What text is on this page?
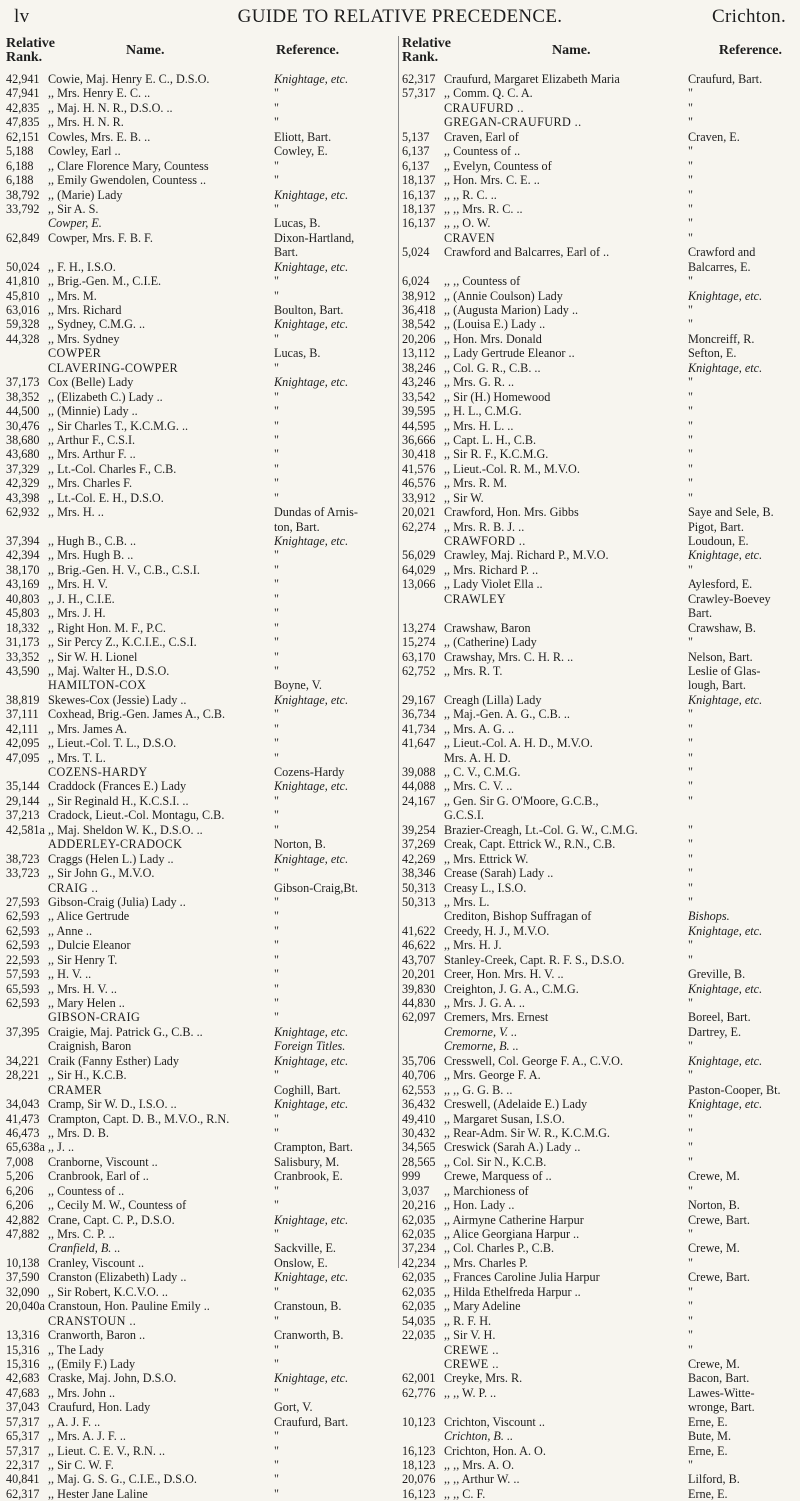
lv	GUIDE TO RELATIVE PRECEDENCE.	Crichton.
Relative Rank.	Name.	Reference.
42,941 Cowie, Maj. Henry E. C., D.S.O.	Knightage, etc.
47,941 ,, Mrs. Henry E. C. ..	"
42,835 ,, Maj. H. N. R., D.S.O. ..	"
47,835 ,, Mrs. H. N. R.	"
62,151 Cowles, Mrs. E. B. ..	Eliott, Bart.
5,188	Cowley, Earl ..	Cowley, E.
6,188	,, Clare Florence Mary, Countess	"
6,188	,, Emily Gwendolen, Countess ..	"
38,792 ,, (Marie) Lady	Knightage, etc.
33,792 ,, Sir A. S.	"
Cowper, E.	Lucas, B.
62,849 Cowper, Mrs. F. B. F.	Dixon-Hartland,
Bart.
50,024 ,, F. H., I.S.O.	Knightage, etc.
41,810 ,, Brig.-Gen. M., C.I.E.	"
45,810 ,, Mrs. M.	"
63,016 ,, Mrs. Richard	Boulton, Bart.
59,328 ,, Sydney, C.M.G. ..	Knightage, etc.
44,328 ,, Mrs. Sydney	"
COWPER	Lucas, B.
CLAVERING-COWPER	"
37,173 Cox (Belle) Lady	Knightage, etc.
38,352 ,, (Elizabeth C.) Lady ..	"
44,500 ,, (Minnie) Lady ..	"
30,476 ,, Sir Charles T., K.C.M.G. ..	"
38,680 ,, Arthur F., C.S.I.	"
43,680 ,, Mrs. Arthur F. ..	"
37,329 ,, Lt.-Col. Charles F., C.B.	"
42,329 ,, Mrs. Charles F.	"
43,398 ,, Lt.-Col. E. H., D.S.O.	"
62,932 ,, Mrs. H. ..	Dundas of Arnis-
ton, Bart.
37,394 ,, Hugh B., C.B. ..	Knightage, etc.
42,394 ,, Mrs. Hugh B. ..	"
38,170 ,, Brig.-Gen. H. V., C.B., C.S.I.	"
43,169 ,, Mrs. H. V.	"
40,803 ,, J. H., C.I.E.	"
45,803 ,, Mrs. J. H.	"
18,332 ,, Right Hon. M. F., P.C.	"
31,173 ,, Sir Percy Z., K.C.I.E., C.S.I.	"
33,352 ,, Sir W. H. Lionel	"
43,590 ,, Maj. Walter H., D.S.O.	"
HAMILTON-COX	Boyne, V.
38,819 Skewes-Cox (Jessie) Lady ..	Knightage, etc.
37,111 Coxhead, Brig.-Gen. James A., C.B.	"
42,111 ,, Mrs. James A.	"
42,095 ,, Lieut.-Col. T. L., D.S.O.	"
47,095 ,, Mrs. T. L.	"
COZENS-HARDY	Cozens-Hardy
35,144 Craddock (Frances E.) Lady	Knightage, etc.
29,144 ,, Sir Reginald H., K.C.S.I. ..	"
37,213 Cradock, Lieut.-Col. Montagu, C.B.	"
42,581a ,, Maj. Sheldon W. K., D.S.O. ..	"
ADDERLEY-CRADOCK	Norton, B.
38,723 Craggs (Helen L.) Lady ..	Knightage, etc.
33,723 ,, Sir John G., M.V.O.	"
CRAIG ..	Gibson-Craig,Bt.
27,593 Gibson-Craig (Julia) Lady ..	"
62,593 ,, Alice Gertrude	"
62,593 ,, Anne ..	"
62,593 ,, Dulcie Eleanor	"
22,593 ,, Sir Henry T.	"
57,593 ,, H. V. ..	"
65,593 ,, Mrs. H. V. ..	"
62,593 ,, Mary Helen ..	"
GIBSON-CRAIG	"
37,395 Craigie, Maj. Patrick G., C.B. ..	Knightage, etc.
Craignish, Baron	Foreign Titles.
34,221 Craik (Fanny Esther) Lady	Knightage, etc.
28,221 ,, Sir H., K.C.B.	"
CRAMER	Coghill, Bart.
34,043 Cramp, Sir W. D., I.S.O. ..	Knightage, etc.
41,473 Crampton, Capt. D. B., M.V.O., R.N.	"
46,473 ,, Mrs. D. B.	"
65,638a ,, J. ..	Crampton, Bart.
7,008	Cranborne, Viscount ..	Salisbury, M.
5,206	Cranbrook, Earl of ..	Cranbrook, E.
6,206	,, Countess of ..	"
6,206	,, Cecily M. W., Countess of	"
42,882 Crane, Capt. C. P., D.S.O.	Knightage, etc.
47,882 ,, Mrs. C. P. ..	"
Cranfield, B. ..	Sackville, E.
10,138 Cranley, Viscount ..	Onslow, E.
37,590 Cranston (Elizabeth) Lady ..	Knightage, etc.
32,090 ,, Sir Robert, K.C.V.O. ..	"
20,040a Cranstoun, Hon. Pauline Emily ..	Cranstoun, B.
CRANSTOUN ..	"
13,316 Cranworth, Baron ..	Cranworth, B.
15,316 ,, The Lady	"
15,316 ,, (Emily F.) Lady	"
42,683 Craske, Maj. John, D.S.O.	Knightage, etc.
47,683 ,, Mrs. John ..	"
37,043 Craufurd, Hon. Lady	Gort, V.
57,317 ,, A. J. F. ..	Craufurd, Bart.
65,317 ,, Mrs. A. J. F. ..	"
57,317 ,, Lieut. C. E. V., R.N. ..	"
22,317 ,, Sir C. W. F.	"
40,841 ,, Maj. G. S. G., C.I.E., D.S.O.	"
62,317 ,, Hester Jane Laline	"
Relative Rank.	Name.	Reference.
62,317 Craufurd, Margaret Elizabeth Maria	Craufurd, Bart.
57,317 ,, Comm. Q. C. A.	"
CRAUFURD ..	"
GREGAN-CRAUFURD ..	"
5,137	Craven, Earl of	Craven, E.
6,137	,, Countess of ..	"
6,137	,, Evelyn, Countess of	"
18,137 ,, Hon. Mrs. C. E. ..	"
16,137 ,, ,, R. C. ..	"
18,137 ,, ,, Mrs. R. C. ..	"
16,137 ,, ,, O. W.	"
CRAVEN	"
5,024	Crawford and Balcarres, Earl of ..	Crawford and
Balcarres, E.
6,024	,, ,, Countess of	"
38,912 ,, (Annie Coulson) Lady	Knightage, etc.
36,418 ,, (Augusta Marion) Lady ..	"
38,542 ,, (Louisa E.) Lady ..	"
20,206 ,, Hon. Mrs. Donald	Moncreiff, R.
13,112 ,, Lady Gertrude Eleanor ..	Sefton, E.
38,246 ,, Col. G. R., C.B. ..	Knightage, etc.
43,246 ,, Mrs. G. R. ..	"
33,542 ,, Sir (H.) Homewood	"
39,595 ,, H. L., C.M.G.	"
44,595 ,, Mrs. H. L. ..	"
36,666 ,, Capt. L. H., C.B.	"
30,418 ,, Sir R. F., K.C.M.G.	"
41,576 ,, Lieut.-Col. R. M., M.V.O.	"
46,576 ,, Mrs. R. M.	"
33,912 ,, Sir W.	"
20,021 Crawford, Hon. Mrs. Gibbs	Saye and Sele, B.
62,274 ,, Mrs. R. B. J. ..	Pigot, Bart.
CRAWFORD ..	Loudoun, E.
56,029 Crawley, Maj. Richard P., M.V.O.	Knightage, etc.
64,029 ,, Mrs. Richard P. ..	"
13,066 ,, Lady Violet Ella ..	Aylesford, E.
CRAWLEY	Crawley-Boevey
Bart.
13,274 Crawshaw, Baron	Crawshaw, B.
15,274 ,, (Catherine) Lady	"
63,170 Crawshay, Mrs. C. H. R. ..	Nelson, Bart.
62,752 ,, Mrs. R. T.	Leslie of Glas-
lough, Bart.
29,167 Creagh (Lilla) Lady	Knightage, etc.
36,734 ,, Maj.-Gen. A. G., C.B. ..	"
41,734 ,, Mrs. A. G. ..	"
41,647 ,, Lieut.-Col. A. H. D., M.V.O.	"
Mrs. A. H. D.	"
39,088 ,, C. V., C.M.G.	"
44,088 ,, Mrs. C. V. ..	"
24,167 ,, Gen. Sir G. O'Moore, G.C.B.,	"
G.C.S.I.
39,254 Brazier-Creagh, Lt.-Col. G. W., C.M.G.	"
37,269 Creak, Capt. Ettrick W., R.N., C.B.	"
42,269 ,, Mrs. Ettrick W.	"
38,346 Crease (Sarah) Lady ..	"
50,313 Creasy L., I.S.O.	"
50,313 ,, Mrs. L.	"
Crediton, Bishop Suffragan of	Bishops.
41,622 Creedy, H. J., M.V.O.	Knightage, etc.
46,622 ,, Mrs. H. J.	"
43,707 Stanley-Creek, Capt. R. F. S., D.S.O.	"
20,201 Creer, Hon. Mrs. H. V. ..	Greville, B.
39,830 Creighton, J. G. A., C.M.G.	Knightage, etc.
44,830 ,, Mrs. J. G. A. ..	"
62,097 Cremers, Mrs. Ernest	Boreel, Bart.
Cremorne, V. ..	Dartrey, E.
Cremorne, B. ..	"
35,706 Cresswell, Col. George F. A., C.V.O.	Knightage, etc.
40,706 ,, Mrs. George F. A.	"
62,553 ,, ,, G. G. B. ..	Paston-Cooper, Bt.
36,432 Creswell, (Adelaide E.) Lady	Knightage, etc.
49,410 ,, Margaret Susan, I.S.O.	"
30,432 ,, Rear-Adm. Sir W. R., K.C.M.G.	"
34,565 Creswick (Sarah A.) Lady ..	"
28,565 ,, Col. Sir N., K.C.B.	"
999	Crewe, Marquess of ..	Crewe, M.
3,037	,, Marchioness of	"
20,216 ,, Hon. Lady ..	Norton, B.
62,035 ,, Airmyne Catherine Harpur	Crewe, Bart.
62,035 ,, Alice Georgiana Harpur ..	"
37,234 ,, Col. Charles P., C.B.	Crewe, M.
42,234 ,, Mrs. Charles P.	"
62,035 ,, Frances Caroline Julia Harpur	Crewe, Bart.
62,035 ,, Hilda Ethelfreda Harpur ..	"
62,035 ,, Mary Adeline	"
54,035 ,, R. F. H.	"
22,035 ,, Sir V. H.	"
CREWE ..	"
CREWE ..	Crewe, M.
62,001 Creyke, Mrs. R.	Bacon, Bart.
62,776 ,, ,, W. P. ..	Lawes-Witte-
wronge, Bart.
10,123 Crichton, Viscount ..	Erne, E.
Crichton, B. ..	Bute, M.
16,123 Crichton, Hon. A. O.	Erne, E.
18,123 ,, ,, Mrs. A. O.	"
20,076 ,, ,, Arthur W. ..	Lilford, B.
16,123 ,, ,, C. F.	Erne, E.
